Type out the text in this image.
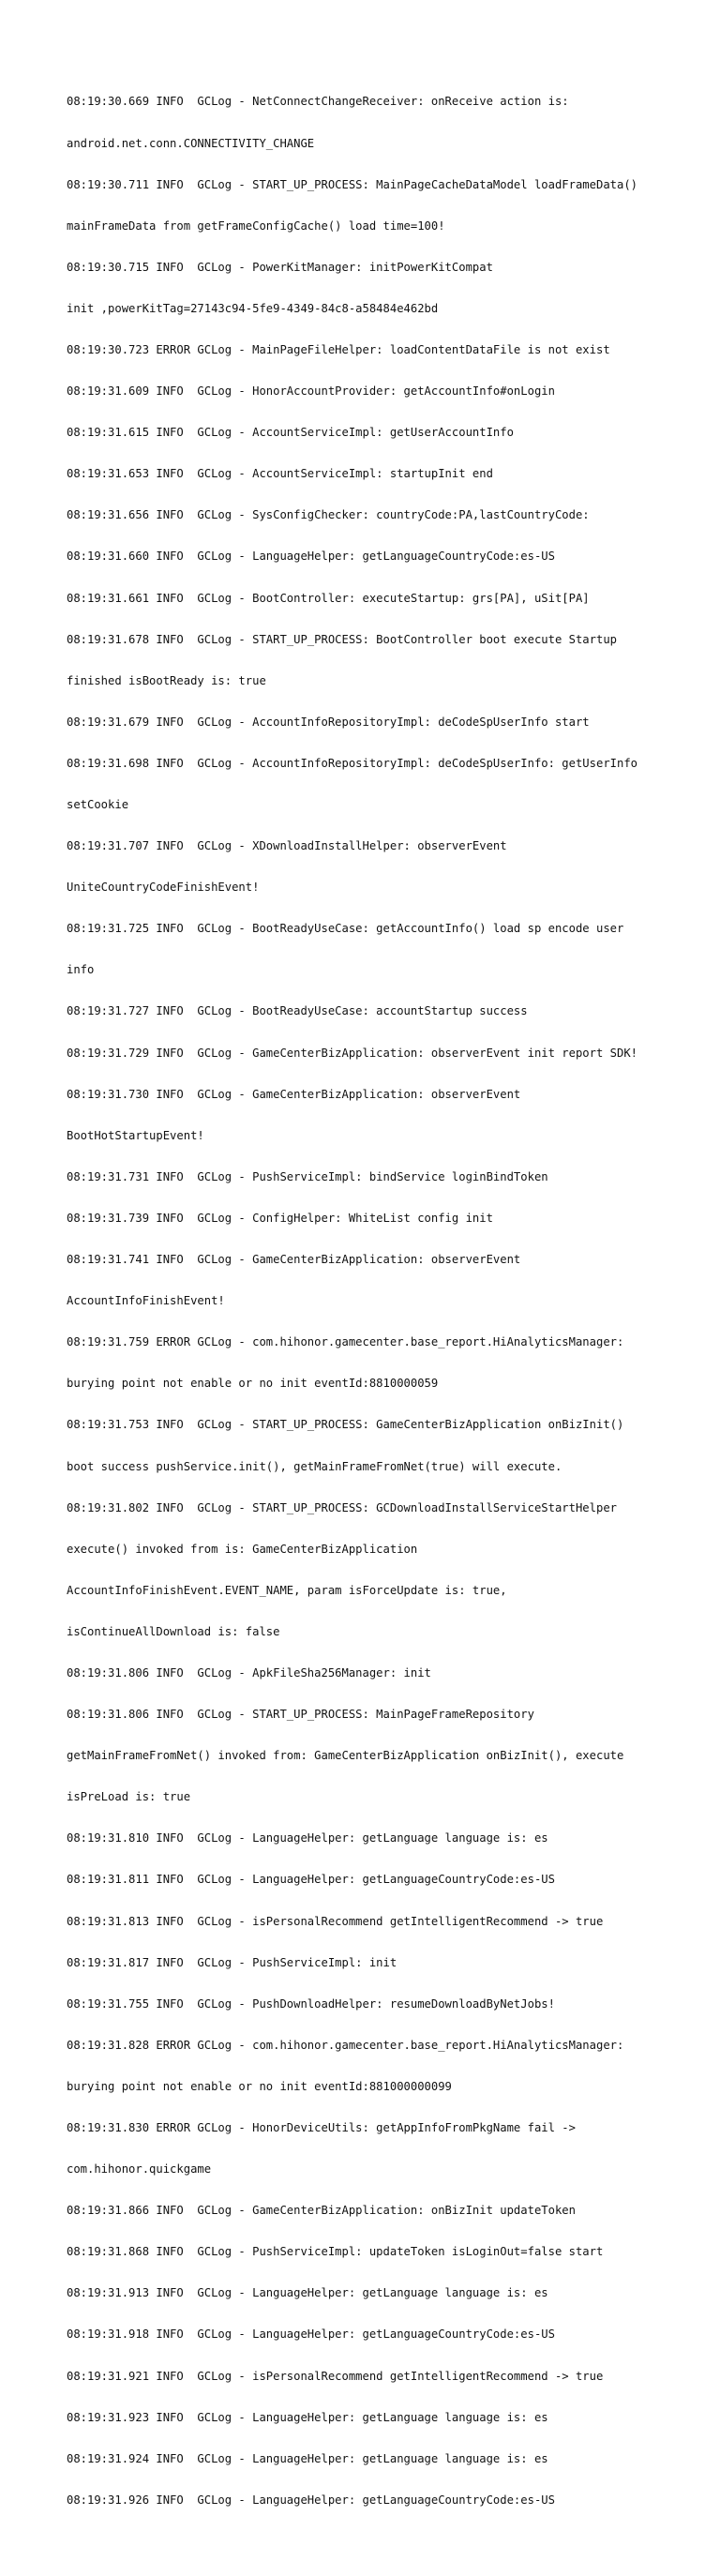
08:19:30.669 INFO  GCLog - NetConnectChangeReceiver: onReceive action is:

android.net.conn.CONNECTIVITY_CHANGE

08:19:30.711 INFO  GCLog - START_UP_PROCESS: MainPageCacheDataModel loadFrameData()

mainFrameData from getFrameConfigCache() load time=100!

08:19:30.715 INFO  GCLog - PowerKitManager: initPowerKitCompat

init ,powerKitTag=27143c94-5fe9-4349-84c8-a58484e462bd

08:19:30.723 ERROR GCLog - MainPageFileHelper: loadContentDataFile is not exist

08:19:31.609 INFO  GCLog - HonorAccountProvider: getAccountInfo#onLogin

08:19:31.615 INFO  GCLog - AccountServiceImpl: getUserAccountInfo

08:19:31.653 INFO  GCLog - AccountServiceImpl: startupInit end

08:19:31.656 INFO  GCLog - SysConfigChecker: countryCode:PA,lastCountryCode:

08:19:31.660 INFO  GCLog - LanguageHelper: getLanguageCountryCode:es-US

08:19:31.661 INFO  GCLog - BootController: executeStartup: grs[PA], uSit[PA]

08:19:31.678 INFO  GCLog - START_UP_PROCESS: BootController boot execute Startup

finished isBootReady is: true

08:19:31.679 INFO  GCLog - AccountInfoRepositoryImpl: deCodeSpUserInfo start

08:19:31.698 INFO  GCLog - AccountInfoRepositoryImpl: deCodeSpUserInfo: getUserInfo

setCookie

08:19:31.707 INFO  GCLog - XDownloadInstallHelper: observerEvent

UniteCountryCodeFinishEvent!

08:19:31.725 INFO  GCLog - BootReadyUseCase: getAccountInfo() load sp encode user

info

08:19:31.727 INFO  GCLog - BootReadyUseCase: accountStartup success

08:19:31.729 INFO  GCLog - GameCenterBizApplication: observerEvent init report SDK!

08:19:31.730 INFO  GCLog - GameCenterBizApplication: observerEvent

BootHotStartupEvent!

08:19:31.731 INFO  GCLog - PushServiceImpl: bindService loginBindToken

08:19:31.739 INFO  GCLog - ConfigHelper: WhiteList config init

08:19:31.741 INFO  GCLog - GameCenterBizApplication: observerEvent

AccountInfoFinishEvent!

08:19:31.759 ERROR GCLog - com.hihonor.gamecenter.base_report.HiAnalyticsManager:

burying point not enable or no init eventId:8810000059

08:19:31.753 INFO  GCLog - START_UP_PROCESS: GameCenterBizApplication onBizInit()

boot success pushService.init(), getMainFrameFromNet(true) will execute.

08:19:31.802 INFO  GCLog - START_UP_PROCESS: GCDownloadInstallServiceStartHelper

execute() invoked from is: GameCenterBizApplication

AccountInfoFinishEvent.EVENT_NAME, param isForceUpdate is: true,

isContinueAllDownload is: false

08:19:31.806 INFO  GCLog - ApkFileSha256Manager: init

08:19:31.806 INFO  GCLog - START_UP_PROCESS: MainPageFrameRepository

getMainFrameFromNet() invoked from: GameCenterBizApplication onBizInit(), execute

isPreLoad is: true

08:19:31.810 INFO  GCLog - LanguageHelper: getLanguage language is: es

08:19:31.811 INFO  GCLog - LanguageHelper: getLanguageCountryCode:es-US

08:19:31.813 INFO  GCLog - isPersonalRecommend getIntelligentRecommend -> true

08:19:31.817 INFO  GCLog - PushServiceImpl: init

08:19:31.755 INFO  GCLog - PushDownloadHelper: resumeDownloadByNetJobs!

08:19:31.828 ERROR GCLog - com.hihonor.gamecenter.base_report.HiAnalyticsManager:

burying point not enable or no init eventId:881000000099

08:19:31.830 ERROR GCLog - HonorDeviceUtils: getAppInfoFromPkgName fail ->

com.hihonor.quickgame

08:19:31.866 INFO  GCLog - GameCenterBizApplication: onBizInit updateToken

08:19:31.868 INFO  GCLog - PushServiceImpl: updateToken isLoginOut=false start

08:19:31.913 INFO  GCLog - LanguageHelper: getLanguage language is: es

08:19:31.918 INFO  GCLog - LanguageHelper: getLanguageCountryCode:es-US

08:19:31.921 INFO  GCLog - isPersonalRecommend getIntelligentRecommend -> true

08:19:31.923 INFO  GCLog - LanguageHelper: getLanguage language is: es

08:19:31.924 INFO  GCLog - LanguageHelper: getLanguage language is: es

08:19:31.926 INFO  GCLog - LanguageHelper: getLanguageCountryCode:es-US
